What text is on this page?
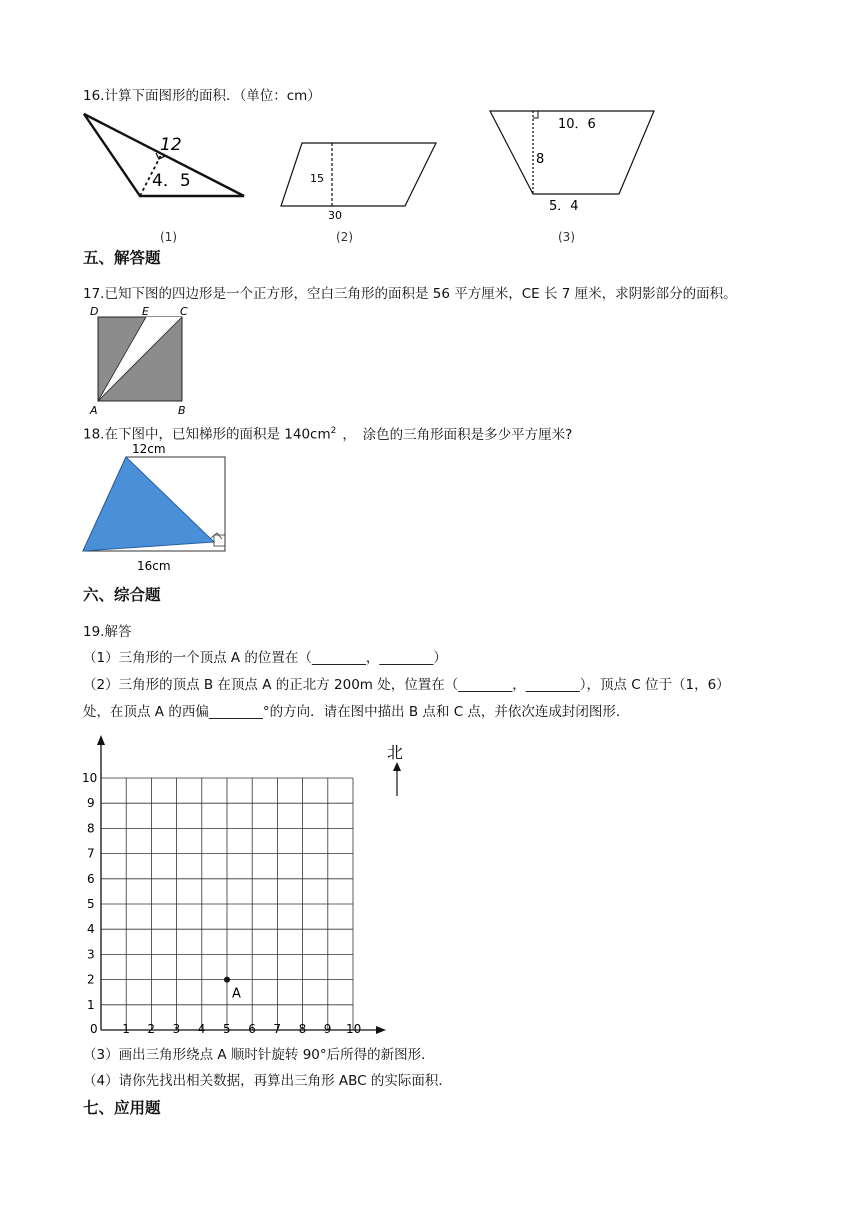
16.计算下面图形的面积．（单位：cm）
12
4．5
(1)
15
30
(2)
10．6
8
5．4
(3)
五、解答题
17.已知下图的四边形是一个正方形，空白三角形的面积是 56 平方厘米，CE 长 7 厘米，求阴影部分的面积。
D	E	C
A	B
18.在下图中，已知梯形的面积是 $140cm^2$ ，　涂色的三角形面积是多少平方厘米?
12cm
16cm
六、综合题
19.解答
（1）三角形的一个顶点 A 的位置在（________，________）
（2）三角形的顶点 B 在顶点 A 的正北方 200m 处，位置在（________，________），顶点 C 位于（1，6）
处，在顶点 A 的西偏________°的方向．请在图中描出 B 点和 C 点，并依次连成封闭图形．
1
2
3
4
5
6
7
8
9
10
0 1 2 3 4 5 6 7 8 9 10
A
北
（3）画出三角形绕点 A 顺时针旋转 90°后所得的新图形．
（4）请你先找出相关数据，再算出三角形 ABC 的实际面积．
七、应用题
